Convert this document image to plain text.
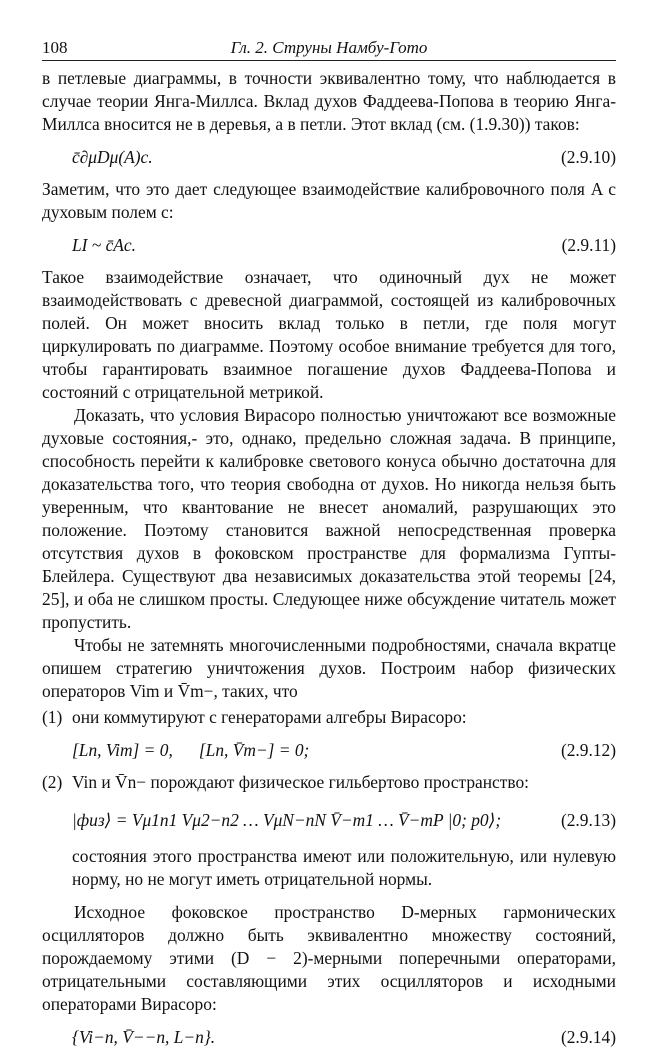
108	Гл. 2. Струны Намбу-Гото

в петлевые диаграммы, в точности эквивалентно тому, что наблюдается в случае теории Янга-Миллса. Вклад духов Фаддеева-Попова в теорию Янга-Миллса вносится не в деревья, а в петли. Этот вклад (см. (1.9.30)) таков:

c̄∂μDμ(A)c.	(2.9.10)

Заметим, что это дает следующее взаимодействие калибровочного поля A с духовым полем c:

LI ~ c̄Ac.	(2.9.11)

Такое взаимодействие означает, что одиночный дух не может взаимодействовать с древесной диаграммой, состоящей из калибровочных полей. Он может вносить вклад только в петли, где поля могут циркулировать по диаграмме. Поэтому особое внимание требуется для того, чтобы гарантировать взаимное погашение духов Фаддеева-Попова и состояний с отрицательной метрикой.

Доказать, что условия Вирасоро полностью уничтожают все возможные духовые состояния,- это, однако, предельно сложная задача. В принципе, способность перейти к калибровке светового конуса обычно достаточна для доказательства того, что теория свободна от духов. Но никогда нельзя быть уверенным, что квантование не внесет аномалий, разрушающих это положение. Поэтому становится важной непосредственная проверка отсутствия духов в фоковском пространстве для формализма Гупты-Блейлера. Существуют два независимых доказательства этой теоремы [24, 25], и оба не слишком просты. Следующее ниже обсуждение читатель может пропустить.

Чтобы не затемнять многочисленными подробностями, сначала вкратце опишем стратегию уничтожения духов. Построим набор физических операторов Vim и V̄m−, таких, что

(1) они коммутируют с генераторами алгебры Вирасоро:
[Ln, Vim] = 0,      [Ln, V̄m−] = 0;	(2.9.12)
(2) Vin и V̄n− порождают физическое гильбертово пространство:
|физ⟩ = Vμ1n1 Vμ2−n2 … VμN−nN V̄−m1 … V̄−mP |0; p0⟩;	(2.9.13)

состояния этого пространства имеют или положительную, или нулевую норму, но не могут иметь отрицательной нормы.

Исходное фоковское пространство D-мерных гармонических осцилляторов должно быть эквивалентно множеству состояний, порождаемому этими (D − 2)-мерными поперечными операторами, отрицательными составляющими этих осцилляторов и исходными операторами Вирасоро:

{Vi−n, V̄−−n, L−n}.	(2.9.14)
